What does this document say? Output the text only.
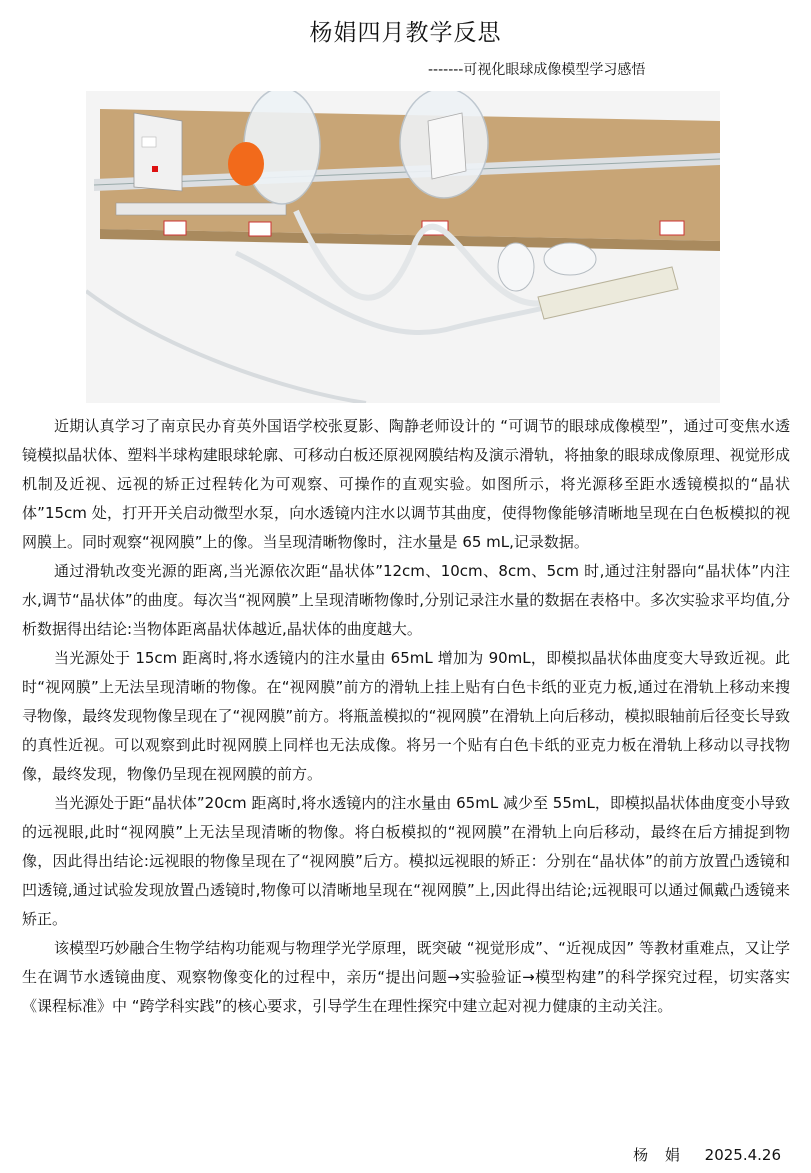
杨娟四月教学反思
-------可视化眼球成像模型学习感悟

近期认真学习了南京民办育英外国语学校张夏影、陶静老师设计的 “可调节的眼球成像模型”，通过可变焦水透镜模拟晶状体、塑料半球构建眼球轮廓、可移动白板还原视网膜结构及演示滑轨，将抽象的眼球成像原理、视觉形成机制及近视、远视的矫正过程转化为可观察、可操作的直观实验。如图所示，将光源移至距水透镜模拟的“晶状体”15cm 处，打开开关启动微型水泵，向水透镜内注水以调节其曲度，使得物像能够清晰地呈现在白色板模拟的视网膜上。同时观察“视网膜”上的像。当呈现清晰物像时，注水量是 65 mL,记录数据。

通过滑轨改变光源的距离,当光源依次距“晶状体”12cm、10cm、8cm、5cm 时,通过注射器向“晶状体”内注水,调节“晶状体”的曲度。每次当“视网膜”上呈现清晰物像时,分别记录注水量的数据在表格中。多次实验求平均值,分析数据得出结论:当物体距离晶状体越近,晶状体的曲度越大。

当光源处于 15cm 距离时,将水透镜内的注水量由 65mL 增加为 90mL，即模拟晶状体曲度变大导致近视。此时“视网膜”上无法呈现清晰的物像。在“视网膜”前方的滑轨上挂上贴有白色卡纸的亚克力板,通过在滑轨上移动来搜寻物像，最终发现物像呈现在了“视网膜”前方。将瓶盖模拟的“视网膜”在滑轨上向后移动，模拟眼轴前后径变长导致的真性近视。可以观察到此时视网膜上同样也无法成像。将另一个贴有白色卡纸的亚克力板在滑轨上移动以寻找物像，最终发现，物像仍呈现在视网膜的前方。

当光源处于距“晶状体”20cm 距离时,将水透镜内的注水量由 65mL 减少至 55mL，即模拟晶状体曲度变小导致的远视眼,此时“视网膜”上无法呈现清晰的物像。将白板模拟的“视网膜”在滑轨上向后移动，最终在后方捕捉到物像，因此得出结论:远视眼的物像呈现在了“视网膜”后方。模拟远视眼的矫正：分别在“晶状体”的前方放置凸透镜和凹透镜,通过试验发现放置凸透镜时,物像可以清晰地呈现在“视网膜”上,因此得出结论;远视眼可以通过佩戴凸透镜来矫正。

该模型巧妙融合生物学结构功能观与物理学光学原理，既突破 “视觉形成”、“近视成因” 等教材重难点，又让学生在调节水透镜曲度、观察物像变化的过程中，亲历“提出问题→实验验证→模型构建”的科学探究过程，切实落实《课程标准》中 “跨学科实践”的核心要求，引导学生在理性探究中建立起对视力健康的主动关注。

杨 娟 2025.4.26
